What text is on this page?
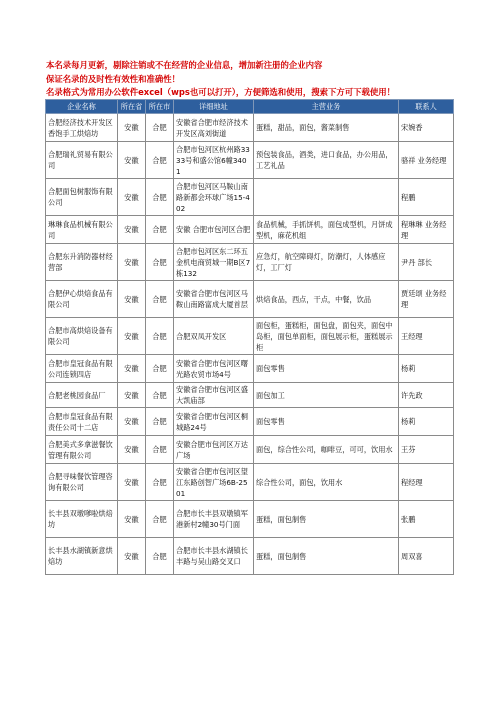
本名录每月更新，剔除注销或不在经营的企业信息，增加新注册的企业内容
保证名录的及时性有效性和准确性！
名录格式为常用办公软件excel（wps也可以打开），方便筛选和使用，搜索下方可下载使用！
企业名称	所在省	所在市	详细地址	主营业务	联系人
合肥经济技术开发区香饱手工烘焙坊	安徽	合肥	安徽省合肥市经济技术开发区高刘街道	蛋糕，甜品，面包，酱菜制售	宋婉香
合肥瑞礼贸易有限公司	安徽	合肥	合肥市包河区杭州路3333号和盛公馆6幢3401	预包装食品，酒类，进口食品，办公用品，工艺礼品	骆祥 业务经理
合肥面包树服饰有限公司	安徽	合肥	合肥市包河区马鞍山南路新都会环球广场15-402		程鹏
琳琳食品机械有限公司	安徽	合肥	安徽 合肥市包河区合肥	食品机械，手抓饼机，面包成型机，月饼成型机，麻花机组	程琳琳 业务经理
合肥东升消防器材经营部	安徽	合肥	合肥市包河区东二环五金机电商贸城一期B区7栋132	应急灯，航空障碍灯，防潮灯，人体感应灯，工厂灯	尹丹 部长
合肥伊心烘焙食品有限公司	安徽	合肥	安徽省合肥市包河区马鞍山南路富成大厦首层	烘焙食品，西点，干点，中餐，饮品	贾廷颂 业务经理
合肥市高烘焙设备有限公司	安徽	合肥	合肥双凤开发区	面包柜，蛋糕柜，面包盘，面包夹，面包中岛柜，面包单面柜，面包展示柜，蛋糕展示柜	王经理
合肥市皇冠食品有限公司连锁四店	安徽	合肥	安徽省合肥市包河区曙光路农贸市场4号	面包零售	杨莉
合肥老桃园食品厂	安徽	合肥	安徽省合肥市包河区盛大凯庙部	面包加工	许先政
合肥市皇冠食品有限责任公司十二店	安徽	合肥	安徽省合肥市包河区桐城路24号	面包零售	杨莉
合肥美式多拿滋餐饮管理有限公司	安徽	合肥	安徽合肥市包河区万达广场	面包，综合性公司，咖啡豆，可可，饮用水	王芬
合肥寻味餐饮管理咨询有限公司	安徽	合肥	安徽省合肥市包河区望江东路创智广场6B-2501	综合性公司，面包，饮用水	程经理
长丰县双墩嗲啦烘焙坊	安徽	合肥	合肥市长丰县双墩镇军港新村2幢30号门面	蛋糕，面包制售	张鹏
长丰县水湖镇新意烘焙坊	安徽	合肥	合肥市长丰县水湖镇长丰路与吴山路交叉口	蛋糕，面包制售	周双喜
